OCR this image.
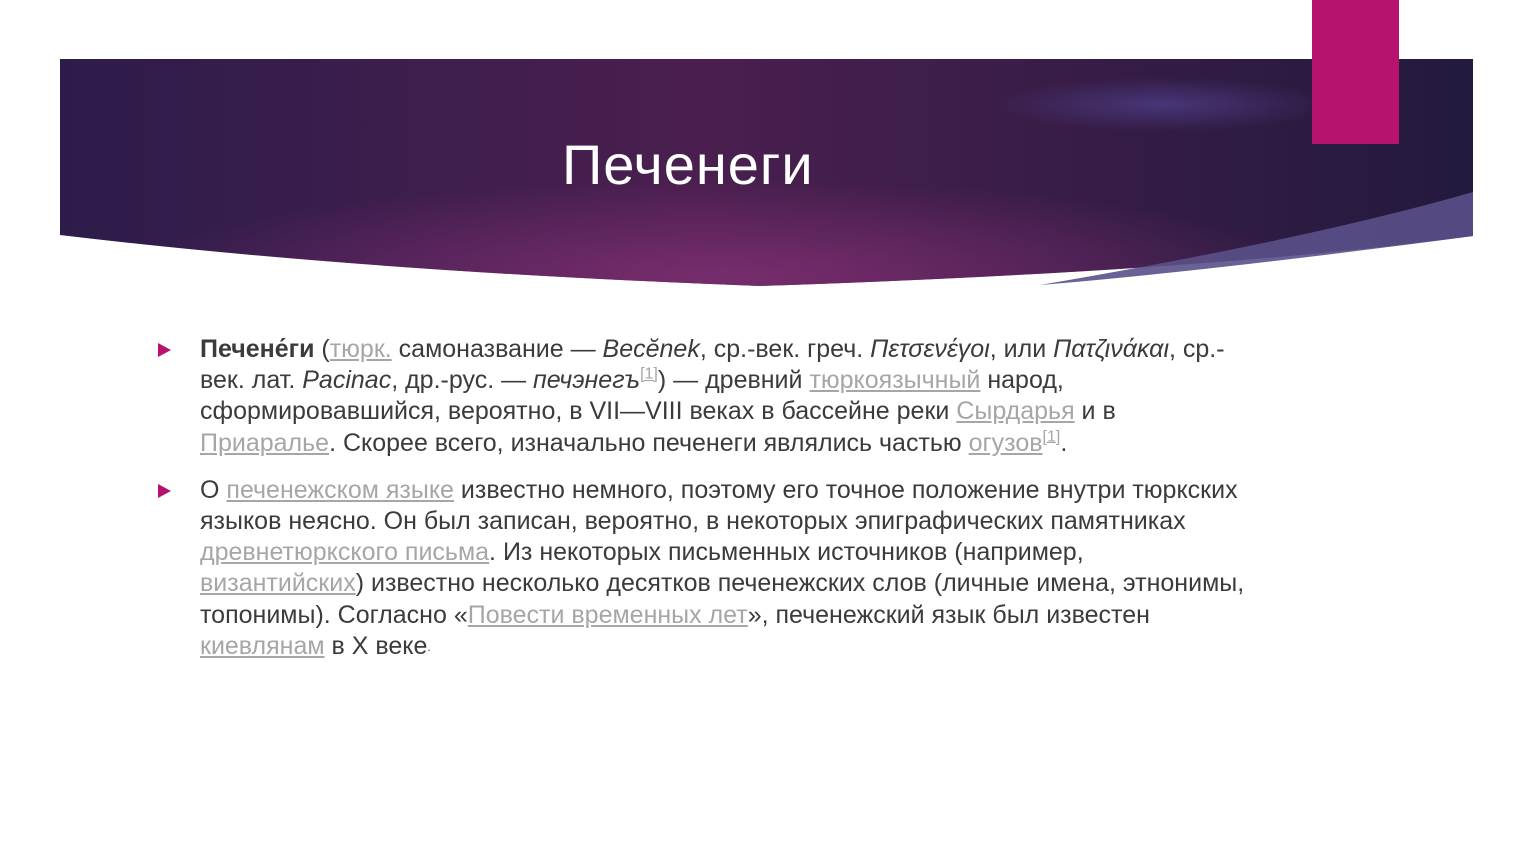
Печенеги
Печене́ги (тюрк. самоназвание — Beсĕnek, ср.-век. греч. Πετσενέγοι, или Πατζινάκαι, ср.-век. лат. Pacinac, др.-рус. — печэнегъ[1]) — древний тюркоязычный народ, сформировавшийся, вероятно, в VII—VIII веках в бассейне реки Сырдарья и в Приаралье. Скорее всего, изначально печенеги являлись частью огузов[1].
О печенежском языке известно немного, поэтому его точное положение внутри тюркских языков неясно. Он был записан, вероятно, в некоторых эпиграфических памятниках древнетюркского письма. Из некоторых письменных источников (например, византийских) известно несколько десятков печенежских слов (личные имена, этнонимы, топонимы). Согласно «Повести временных лет», печенежский язык был известен киевлянам в X веке.
